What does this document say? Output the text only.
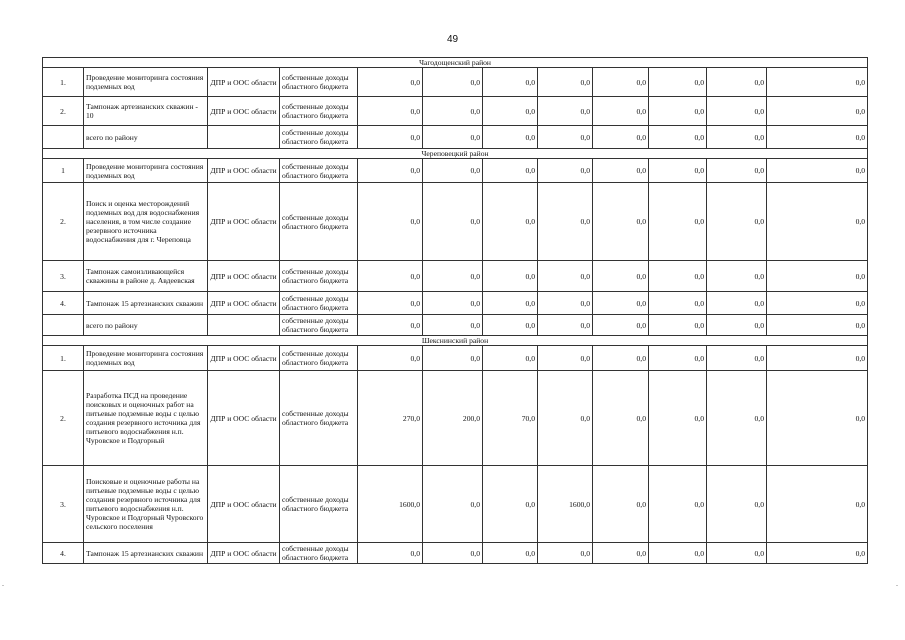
49
Чагодощенский район											
1.	Проведение мониторинга состояния подземных вод	ДПР и ООС области	собственные доходы областного бюджета	0,0	0,0	0,0	0,0	0,0	0,0	0,0	0,0
2.	Тампонаж артезианских скважин - 10	ДПР и ООС области	собственные доходы областного бюджета	0,0	0,0	0,0	0,0	0,0	0,0	0,0	0,0
	всего по району		собственные доходы областного бюджета	0,0	0,0	0,0	0,0	0,0	0,0	0,0	0,0
Череповецкий район											
1	Проведение мониторинга состояния подземных вод	ДПР и ООС области	собственные доходы областного бюджета	0,0	0,0	0,0	0,0	0,0	0,0	0,0	0,0
2.	Поиск и оценка месторождений подземных вод для водоснабжения населения, в том числе создание резервного источника водоснабжения для г. Череповца	ДПР и ООС области	собственные доходы областного бюджета	0,0	0,0	0,0	0,0	0,0	0,0	0,0	0,0
3.	Тампонаж самоизливающейся скважины в районе д. Авдеевская	ДПР и ООС области	собственные доходы областного бюджета	0,0	0,0	0,0	0,0	0,0	0,0	0,0	0,0
4.	Тампонаж 15 артезианских скважин	ДПР и ООС области	собственные доходы областного бюджета	0,0	0,0	0,0	0,0	0,0	0,0	0,0	0,0
	всего по району		собственные доходы областного бюджета	0,0	0,0	0,0	0,0	0,0	0,0	0,0	0,0
Шекснинский район											
1.	Проведение мониторинга состояния подземных вод	ДПР и ООС области	собственные доходы областного бюджета	0,0	0,0	0,0	0,0	0,0	0,0	0,0	0,0
2.	Разработка ПСД на проведение поисковых и оценочных работ на питьевые подземные воды с целью создания резервного источника для питьевого водоснабжения н.п. Чуровское и Подгорный	ДПР и ООС области	собственные доходы областного бюджета	270,0	200,0	70,0	0,0	0,0	0,0	0,0	0,0
3.	Поисковые и оценочные работы на питьевые подземные воды с целью создания резервного источника для питьевого водоснабжения н.п. Чуровское и Подгорный Чуровского сельского поселения	ДПР и ООС области	собственные доходы областного бюджета	1600,0	0,0	0,0	1600,0	0,0	0,0	0,0	0,0
4.	Тампонаж 15 артезианских скважин	ДПР и ООС области	собственные доходы областного бюджета	0,0	0,0	0,0	0,0	0,0	0,0	0,0	0,0
-	-
